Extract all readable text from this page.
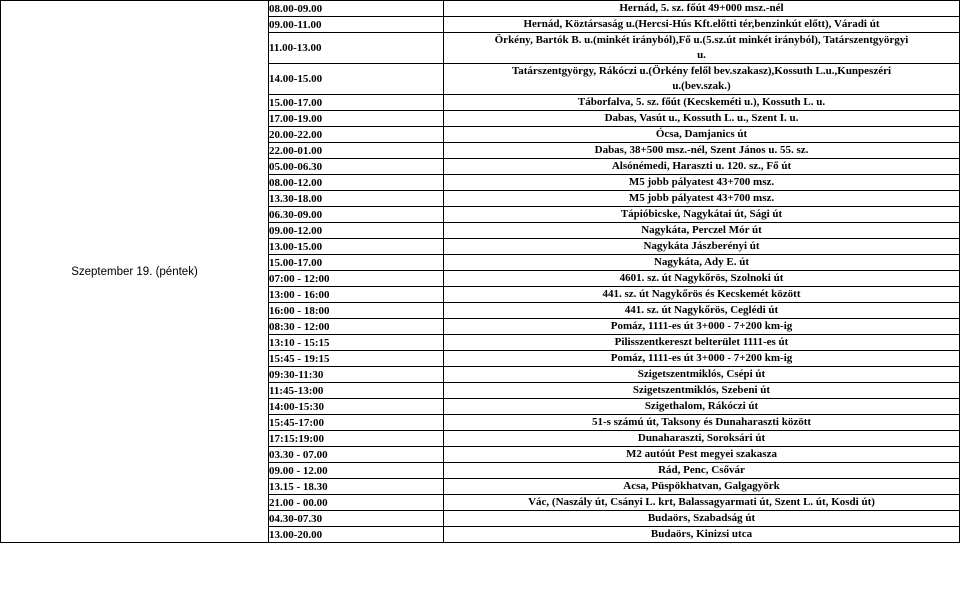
Szeptember 19. (péntek)	08.00-09.00	Hernád, 5. sz. főút 49+000 msz.-nél

	09.00-11.00	Hernád, Köztársaság u.(Hercsi-Hús Kft.előtti tér,benzinkút előtt), Váradi út

	11.00-13.00	Örkény, Bartók B. u.(minkét irányból),Fő u.(5.sz.út minkét irányból), Tatárszentgyörgyi
u.

	14.00-15.00	Tatárszentgyörgy, Rákóczi u.(Örkény felől bev.szakasz),Kossuth L.u.,Kunpeszéri
u.(bev.szak.)

	15.00-17.00	Táborfalva, 5. sz. főút (Kecskeméti u.), Kossuth L. u.

	17.00-19.00	Dabas, Vasút u., Kossuth L. u., Szent I. u.

	20.00-22.00	Ócsa, Damjanics út

	22.00-01.00	Dabas, 38+500 msz.-nél, Szent János u. 55. sz.

	05.00-06.30	Alsónémedi, Haraszti u. 120. sz., Fő út

	08.00-12.00	M5 jobb pályatest 43+700 msz.

	13.30-18.00	M5 jobb pályatest 43+700 msz.

	06.30-09.00	Tápióbicske, Nagykátai út, Sági út

	09.00-12.00	Nagykáta, Perczel Mór út

	13.00-15.00	Nagykáta Jászberényi út

	15.00-17.00	Nagykáta, Ady E. út

	07:00 - 12:00	4601. sz. út Nagykőrös, Szolnoki út

	13:00 - 16:00	441. sz. út Nagykőrös és Kecskemét között

	16:00 - 18:00	441. sz. út Nagykőrös, Ceglédi út

	08:30 - 12:00	Pomáz, 1111-es út 3+000 - 7+200 km-ig

	13:10 - 15:15	Pilisszentkereszt belterület 1111-es út

	15:45 - 19:15	Pomáz, 1111-es út 3+000 - 7+200 km-ig

	09:30-11:30	Szigetszentmiklós, Csépi út

	11:45-13:00	Szigetszentmiklós, Szebeni út

	14:00-15:30	Szigethalom, Rákóczi út

	15:45-17:00	51-s számú út, Taksony és Dunaharaszti között

	17:15:19:00	Dunaharaszti, Soroksári út

	03.30 - 07.00	M2 autóút Pest megyei szakasza

	09.00 - 12.00	Rád, Penc, Csővár

	13.15 - 18.30	Acsa, Püspökhatvan, Galgagyörk

	21.00 - 00.00	Vác, (Naszály út, Csányi L. krt, Balassagyarmati út, Szent L. út, Kosdi út)

	04.30-07.30	Budaörs, Szabadság út

	13.00-20.00	Budaörs, Kinizsi utca
